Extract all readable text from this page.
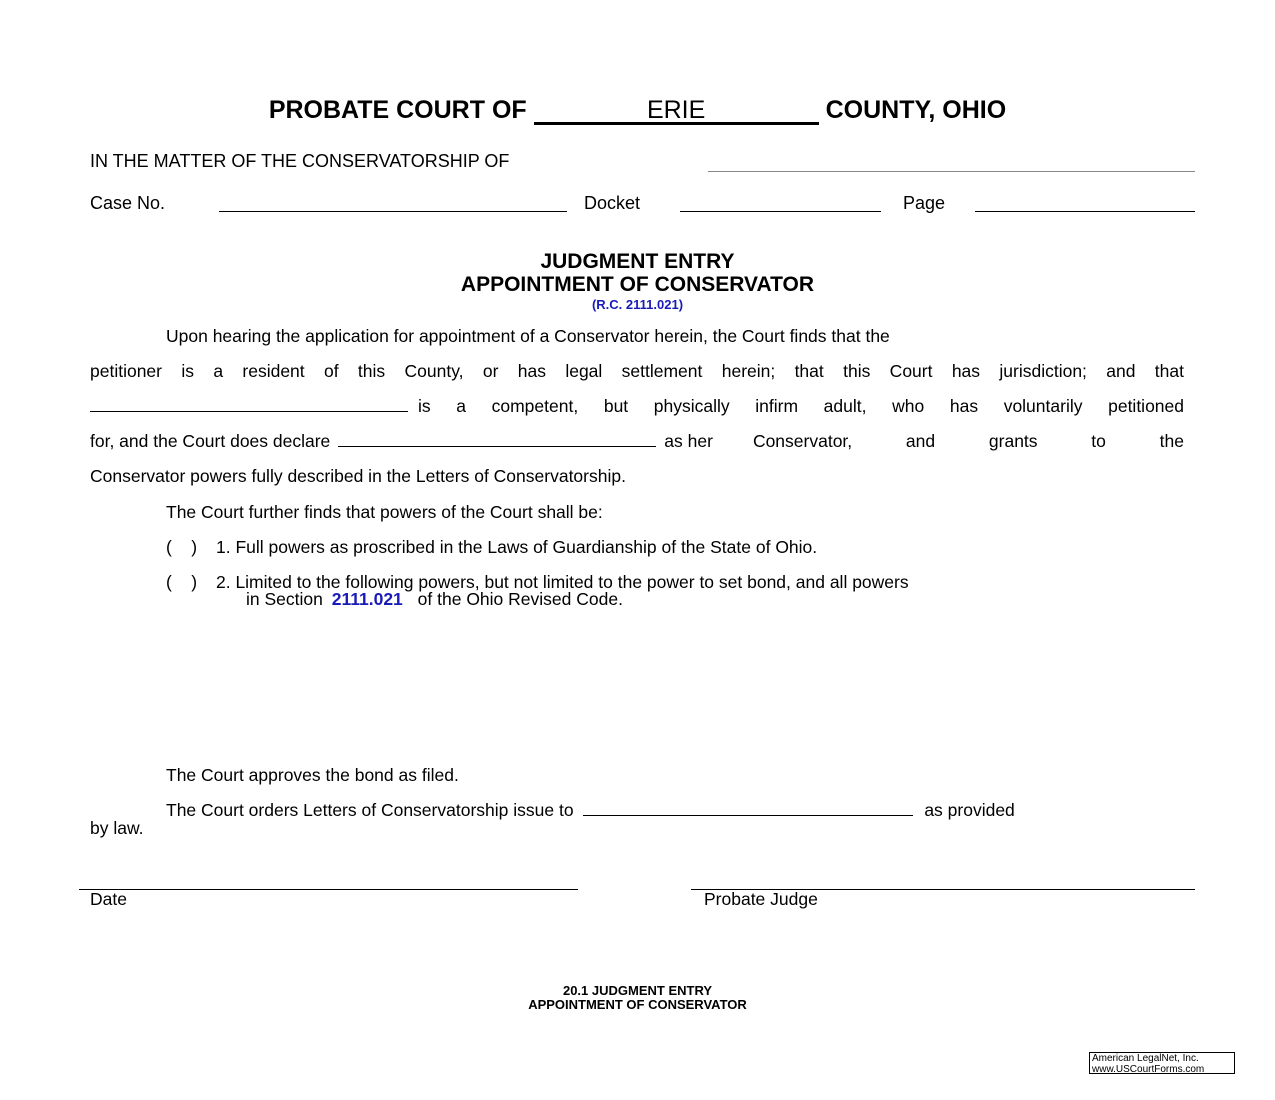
PROBATE COURT OF	ERIE	COUNTY, OHIO
IN THE MATTER OF THE CONSERVATORSHIP OF
Case No.	Docket	Page
JUDGMENT ENTRY
APPOINTMENT OF CONSERVATOR
(R.C. 2111.021)
Upon hearing the application for appointment of a Conservator herein, the Court finds that the
petitioner is a resident of this County, or has legal settlement herein; that this Court has jurisdiction; and that
is a competent, but physically infirm adult, who has voluntarily petitioned
for, and the Court does declare	as her Conservator, and grants to the
Conservator powers fully described in the Letters of Conservatorship.
The Court further finds that powers of the Court shall be:
(    ) 1. Full powers as proscribed in the Laws of Guardianship of the State of Ohio.
(    ) 2. Limited to the following powers, but not limited to the power to set bond, and all powers
in Section 2111.021 of the Ohio Revised Code.
The Court approves the bond as filed.
The Court orders Letters of Conservatorship issue to	as provided
by law.
Date	Probate Judge
20.1 JUDGMENT ENTRY
APPOINTMENT OF CONSERVATOR
American LegalNet, Inc.
www.USCourtForms.com
